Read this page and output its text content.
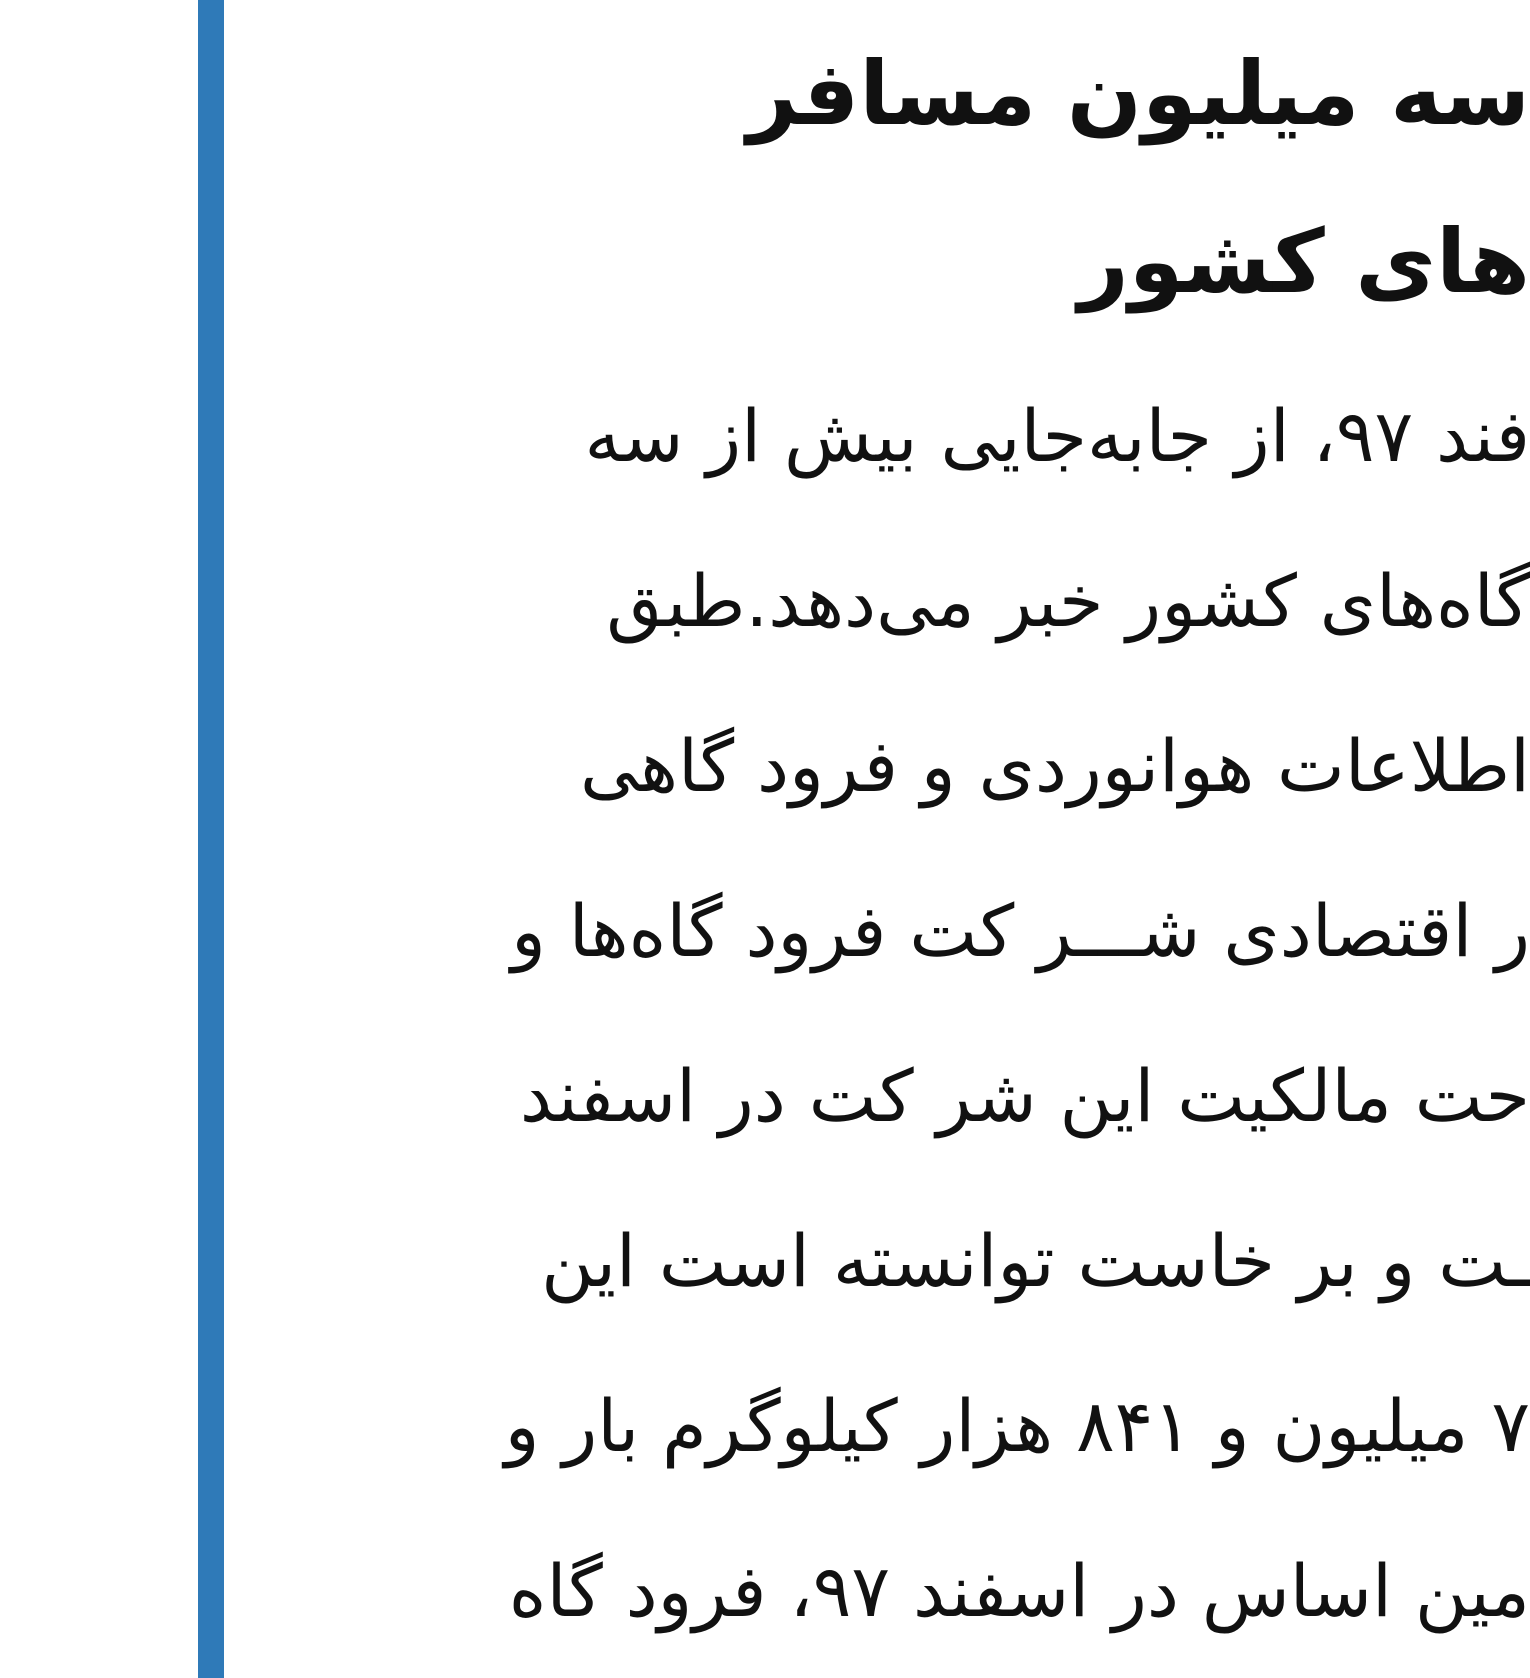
سه میلیون مسافر
های کشور
فند ۹۷، از جابه‌جایی بیش از سه
گاه‌های کشور خبر می‌دهد.طبق
اطلاعات هوانوردی و فرود گاهی
ر اقتصادی شـــر کت فرود گاه‌ها و
حت مالکیت این شر کت در اسفند
ـت و بر خاست توانسته است این
۷ میلیون و ۸۴۱ هزار کیلوگرم بار و
مین اساس در اسفند ۹۷، فرود گاه
